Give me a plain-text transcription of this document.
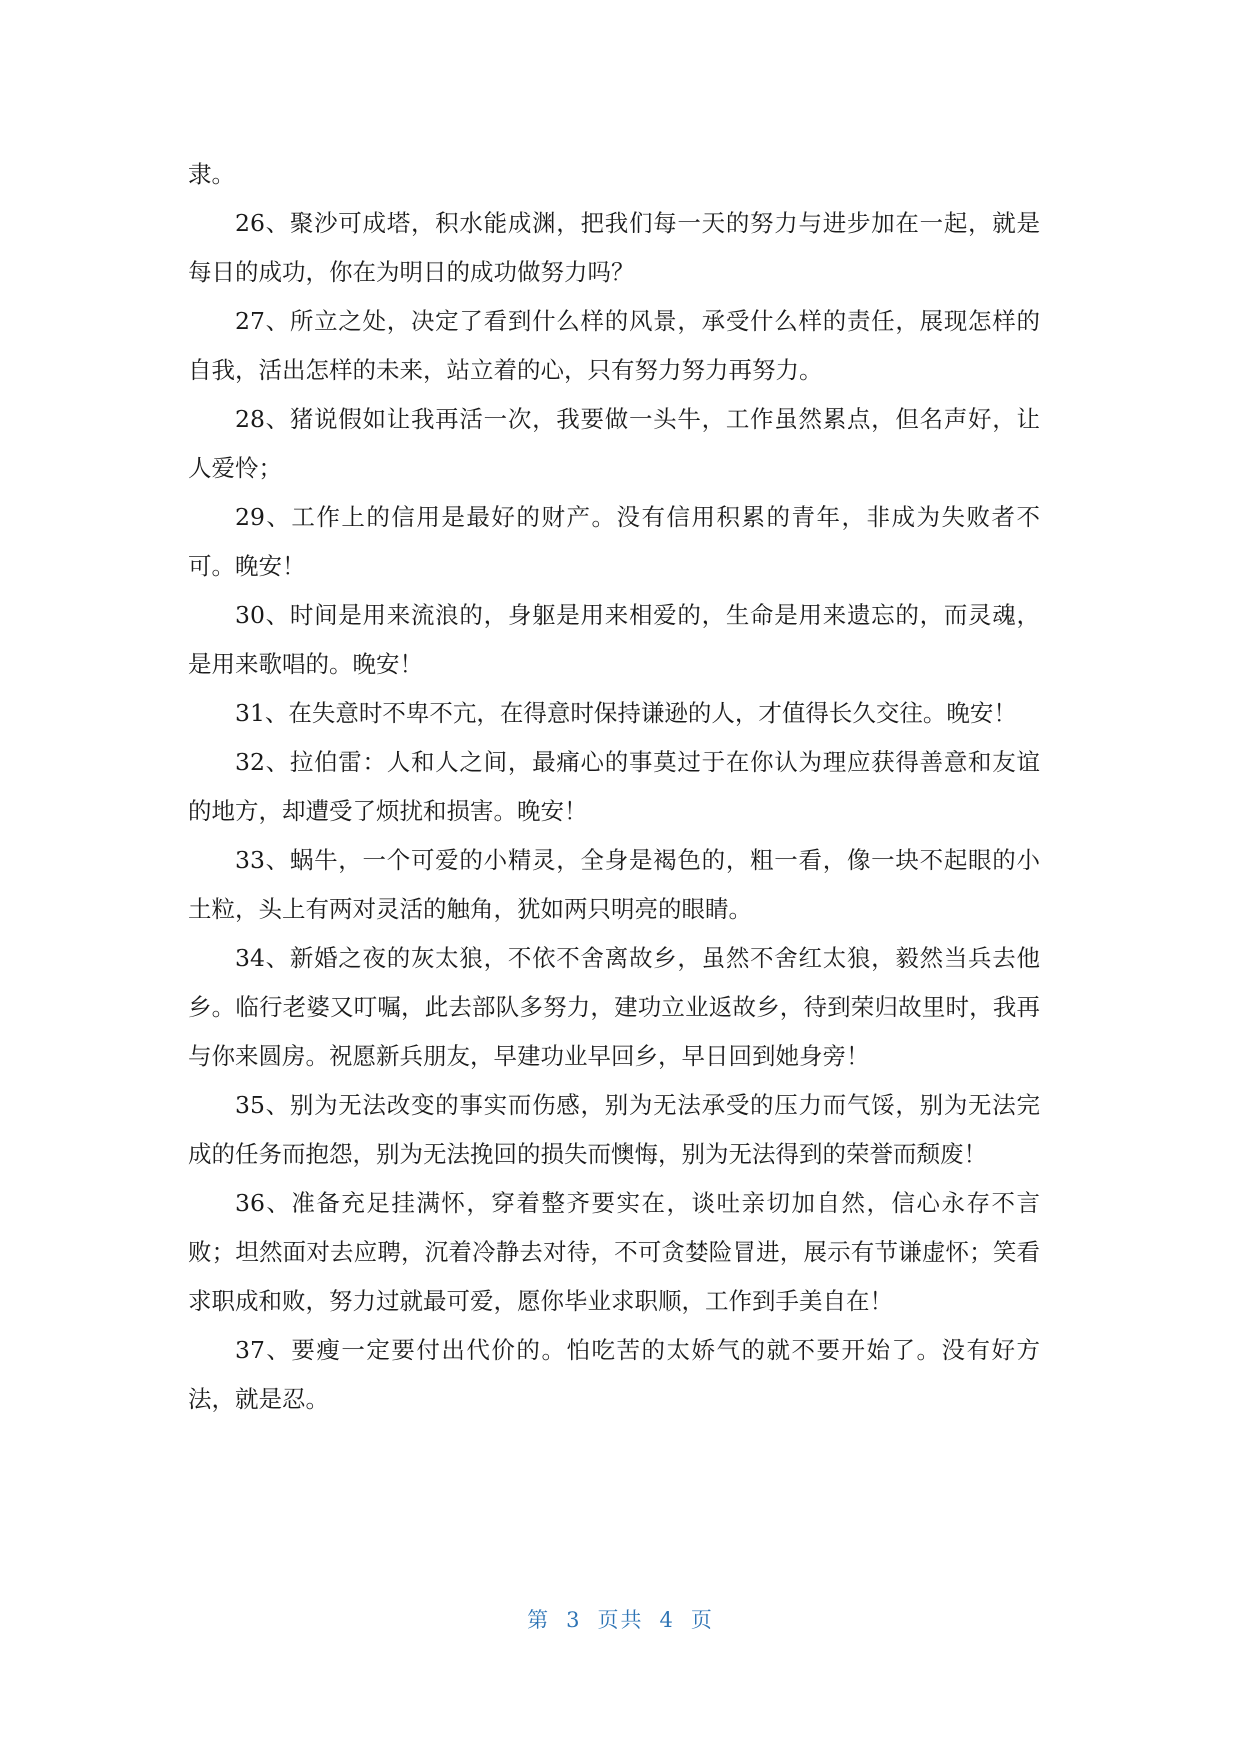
隶。

26、聚沙可成塔，积水能成渊，把我们每一天的努力与进步加在一起，就是每日的成功，你在为明日的成功做努力吗？

27、所立之处，决定了看到什么样的风景，承受什么样的责任，展现怎样的自我，活出怎样的未来，站立着的心，只有努力努力再努力。

28、猪说假如让我再活一次，我要做一头牛，工作虽然累点，但名声好，让人爱怜；

29、工作上的信用是最好的财产。没有信用积累的青年，非成为失败者不可。晚安！

30、时间是用来流浪的，身躯是用来相爱的，生命是用来遗忘的，而灵魂，是用来歌唱的。晚安！

31、在失意时不卑不亢，在得意时保持谦逊的人，才值得长久交往。晚安！

32、拉伯雷：人和人之间，最痛心的事莫过于在你认为理应获得善意和友谊的地方，却遭受了烦扰和损害。晚安！

33、蜗牛，一个可爱的小精灵，全身是褐色的，粗一看，像一块不起眼的小土粒，头上有两对灵活的触角，犹如两只明亮的眼睛。

34、新婚之夜的灰太狼，不依不舍离故乡，虽然不舍红太狼，毅然当兵去他乡。临行老婆又叮嘱，此去部队多努力，建功立业返故乡，待到荣归故里时，我再与你来圆房。祝愿新兵朋友，早建功业早回乡，早日回到她身旁！

35、别为无法改变的事实而伤感，别为无法承受的压力而气馁，别为无法完成的任务而抱怨，别为无法挽回的损失而懊悔，别为无法得到的荣誉而颓废！

36、准备充足挂满怀，穿着整齐要实在，谈吐亲切加自然，信心永存不言败；坦然面对去应聘，沉着冷静去对待，不可贪婪险冒进，展示有节谦虚怀；笑看求职成和败，努力过就最可爱，愿你毕业求职顺，工作到手美自在！

37、要瘦一定要付出代价的。怕吃苦的太娇气的就不要开始了。没有好方法，就是忍。

第 3 页共 4 页
